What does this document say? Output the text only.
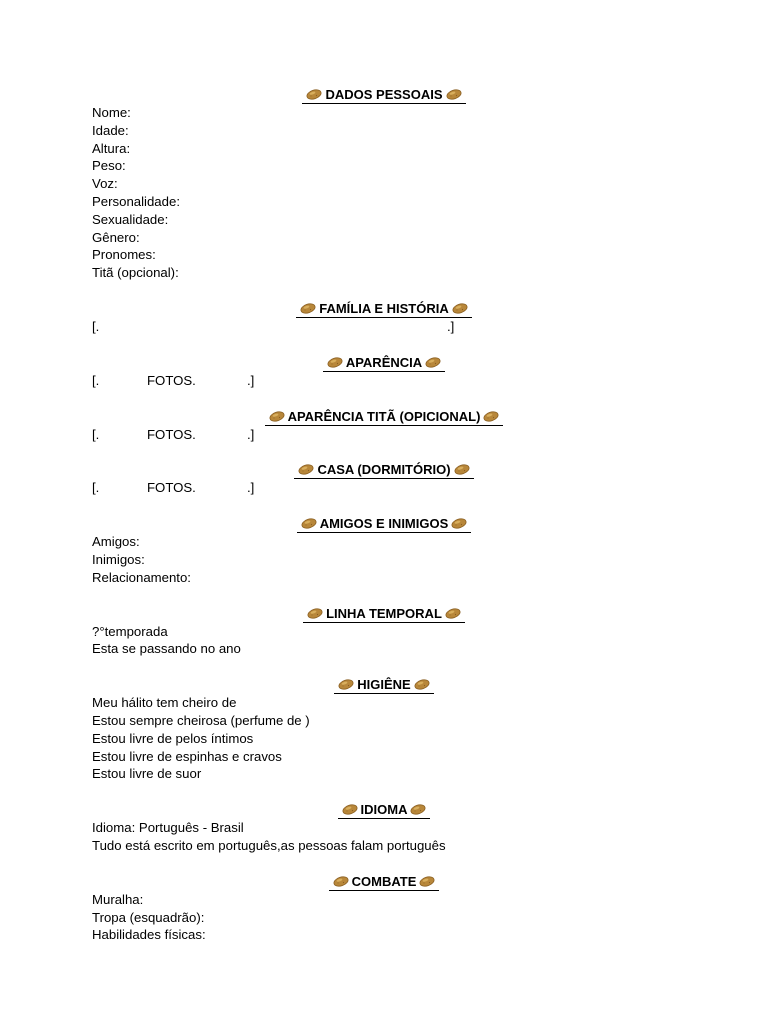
DADOS PESSOAIS
Nome:
Idade:
Altura:
Peso:
Voz:
Personalidade:
Sexualidade:
Gênero:
Pronomes:
Titã (opcional):
FAMÍLIA E HISTÓRIA
[.	.]
APARÊNCIA
[.	FOTOS.	.]
APARÊNCIA TITÃ (OPICIONAL)
[.	FOTOS.	.]
CASA (DORMITÓRIO)
[.	FOTOS.	.]
AMIGOS E INIMIGOS
Amigos:
Inimigos:
Relacionamento:
LINHA TEMPORAL
?°temporada
Esta se passando no ano
HIGIÊNE
Meu hálito tem cheiro de
Estou sempre cheirosa (perfume de )
Estou livre de pelos íntimos
Estou livre de espinhas e cravos
Estou livre de suor
IDIOMA
Idioma: Português - Brasil
Tudo está escrito em português,as pessoas falam português
COMBATE
Muralha:
Tropa (esquadrão):
Habilidades físicas:
